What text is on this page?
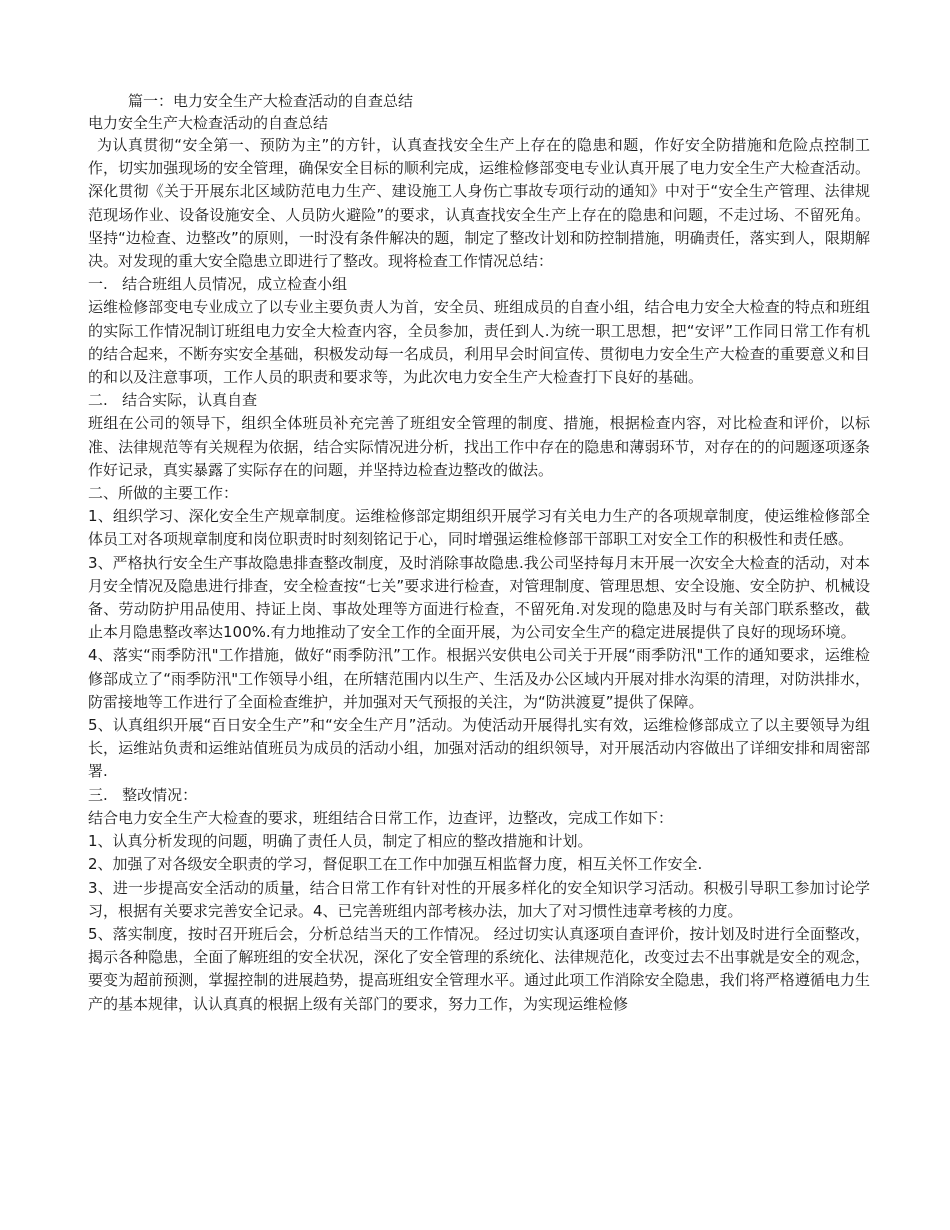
篇一：电力安全生产大检查活动的自查总结
电力安全生产大检查活动的自查总结

为认真贯彻“安全第一、预防为主”的方针，认真查找安全生产上存在的隐患和题，作好安全防措施和危险点控制工作，切实加强现场的安全管理，确保安全目标的顺利完成，运维检修部变电专业认真开展了电力安全生产大检查活动。深化贯彻《关于开展东北区域防范电力生产、建设施工人身伤亡事故专项行动的通知》中对于“安全生产管理、法律规范现场作业、设备设施安全、人员防火避险”的要求，认真查找安全生产上存在的隐患和问题，不走过场、不留死角。坚持“边检查、边整改”的原则，一时没有条件解决的题，制定了整改计划和防控制措施，明确责任，落实到人，限期解决。对发现的重大安全隐患立即进行了整改。现将检查工作情况总结：

一.   结合班组人员情况，成立检查小组

运维检修部变电专业成立了以专业主要负责人为首，安全员、班组成员的自查小组，结合电力安全大检查的特点和班组的实际工作情况制订班组电力安全大检查内容，全员参加，责任到人.为统一职工思想，把“安评”工作同日常工作有机的结合起来，不断夯实安全基础，积极发动每一名成员，利用早会时间宣传、贯彻电力安全生产大检查的重要意义和目的和以及注意事项，工作人员的职责和要求等，为此次电力安全生产大检查打下良好的基础。

二.   结合实际，认真自查

班组在公司的领导下，组织全体班员补充完善了班组安全管理的制度、措施，根据检查内容，对比检查和评价，以标准、法律规范等有关规程为依据，结合实际情况进分析，找出工作中存在的隐患和薄弱环节，对存在的的问题逐项逐条作好记录，真实暴露了实际存在的问题，并坚持边检查边整改的做法。

二、所做的主要工作：

1、组织学习、深化安全生产规章制度。运维检修部定期组织开展学习有关电力生产的各项规章制度，使运维检修部全体员工对各项规章制度和岗位职责时时刻刻铭记于心，同时增强运维检修部干部职工对安全工作的积极性和责任感。

3、严格执行安全生产事故隐患排查整改制度，及时消除事故隐患.我公司坚持每月末开展一次安全大检查的活动，对本月安全情况及隐患进行排查，安全检查按“七关”要求进行检查，对管理制度、管理思想、安全设施、安全防护、机械设备、劳动防护用品使用、持证上岗、事故处理等方面进行检查，不留死角.对发现的隐患及时与有关部门联系整改，截止本月隐患整改率达100%.有力地推动了安全工作的全面开展，为公司安全生产的稳定进展提供了良好的现场环境。

4、落实“雨季防汛"工作措施，做好“雨季防汛”工作。根据兴安供电公司关于开展“雨季防汛"工作的通知要求，运维检修部成立了“雨季防汛"工作领导小组，在所辖范围内以生产、生活及办公区域内开展对排水沟渠的清理，对防洪排水，防雷接地等工作进行了全面检查维护，并加强对天气预报的关注，为“防洪渡夏”提供了保障。

5、认真组织开展“百日安全生产”和“安全生产月”活动。为使活动开展得扎实有效，运维检修部成立了以主要领导为组长，运维站负责和运维站值班员为成员的活动小组，加强对活动的组织领导，对开展活动内容做出了详细安排和周密部署.

三.   整改情况：

结合电力安全生产大检查的要求，班组结合日常工作，边查评，边整改，完成工作如下：

1、认真分析发现的问题，明确了责任人员，制定了相应的整改措施和计划。

2、加强了对各级安全职责的学习，督促职工在工作中加强互相监督力度，相互关怀工作安全.

3、进一步提高安全活动的质量，结合日常工作有针对性的开展多样化的安全知识学习活动。积极引导职工参加讨论学习，根据有关要求完善安全记录。4、已完善班组内部考核办法，加大了对习惯性违章考核的力度。

5、落实制度，按时召开班后会，分析总结当天的工作情况。 经过切实认真逐项自查评价，按计划及时进行全面整改，揭示各种隐患，全面了解班组的安全状况，深化了安全管理的系统化、法律规范化，改变过去不出事就是安全的观念，要变为超前预测，掌握控制的进展趋势，提高班组安全管理水平。通过此项工作消除安全隐患，我们将严格遵循电力生产的基本规律，认认真真的根据上级有关部门的要求，努力工作，为实现运维检修
